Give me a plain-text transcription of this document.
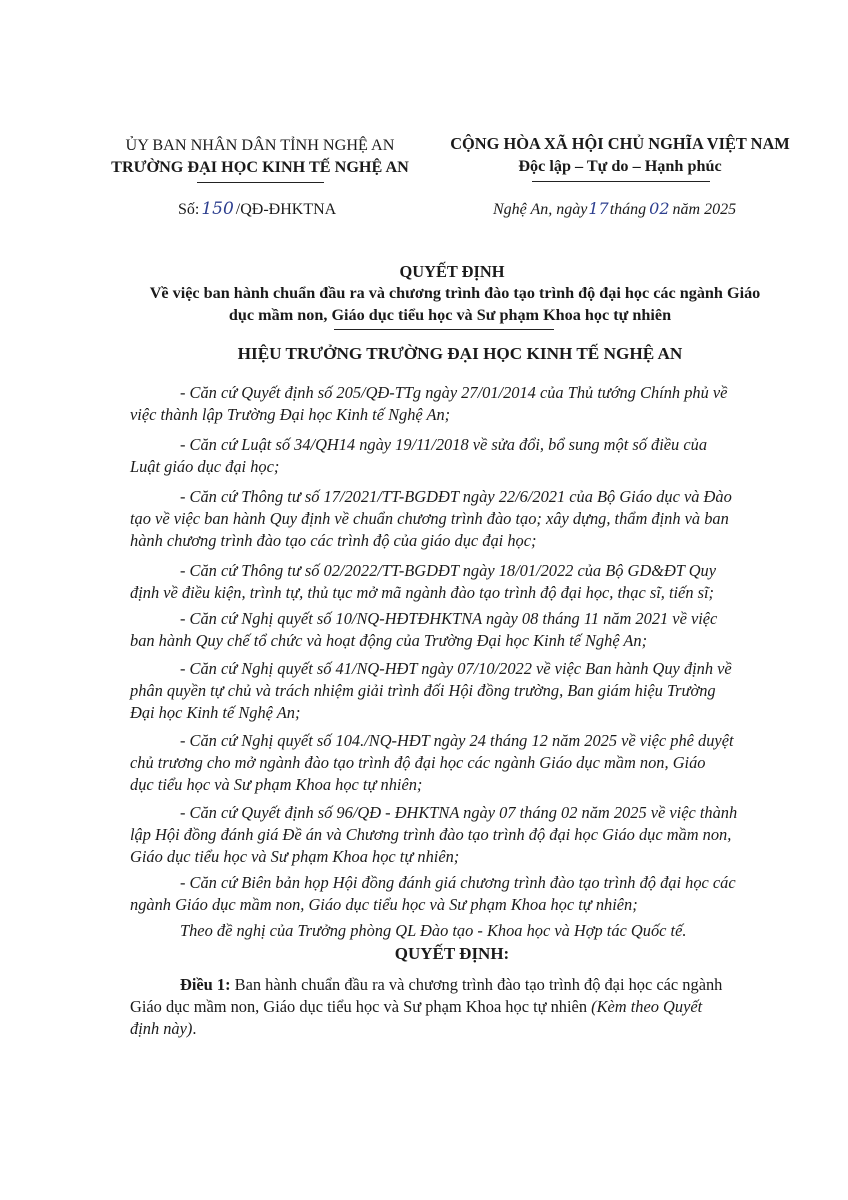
ỦY BAN NHÂN DÂN TỈNH NGHỆ AN
TRƯỜNG ĐẠI HỌC KINH TẾ NGHỆ AN
CỘNG HÒA XÃ HỘI CHỦ NGHĨA VIỆT NAM
Độc lập – Tự do – Hạnh phúc
Số: 150 /QĐ-ĐHKTNA	Nghệ An, ngày17tháng 02 năm 2025
QUYẾT ĐỊNH
Về việc ban hành chuẩn đầu ra và chương trình đào tạo trình độ đại học các ngành Giáo
dục mầm non, Giáo dục tiểu học và Sư phạm Khoa học tự nhiên
HIỆU TRƯỞNG TRƯỜNG ĐẠI HỌC KINH TẾ NGHỆ AN
- Căn cứ Quyết định số 205/QĐ-TTg ngày 27/01/2014 của Thủ tướng Chính phủ về
việc thành lập Trường Đại học Kinh tế Nghệ An;
- Căn cứ Luật số 34/QH14 ngày 19/11/2018 về sửa đổi, bổ sung một số điều của
Luật giáo dục đại học;
- Căn cứ Thông tư số 17/2021/TT-BGDĐT ngày 22/6/2021 của Bộ Giáo dục và Đào
tạo về việc ban hành Quy định về chuẩn chương trình đào tạo; xây dựng, thẩm định và ban
hành chương trình đào tạo các trình độ của giáo dục đại học;
- Căn cứ Thông tư số 02/2022/TT-BGDĐT ngày 18/01/2022 của Bộ GD&ĐT Quy
định về điều kiện, trình tự, thủ tục mở mã ngành đào tạo trình độ đại học, thạc sĩ, tiến sĩ;
- Căn cứ Nghị quyết số 10/NQ-HĐTĐHKTNA ngày 08 tháng 11 năm 2021 về việc
ban hành Quy chế tổ chức và hoạt động của Trường Đại học Kinh tế Nghệ An;
- Căn cứ Nghị quyết số 41/NQ-HĐT ngày 07/10/2022 về việc Ban hành Quy định về
phân quyền tự chủ và trách nhiệm giải trình đối Hội đồng trường, Ban giám hiệu Trường
Đại học Kinh tế Nghệ An;
- Căn cứ Nghị quyết số 104./NQ-HĐT ngày 24 tháng 12 năm 2025 về việc phê duyệt
chủ trương cho mở ngành đào tạo trình độ đại học các ngành Giáo dục mầm non, Giáo
dục tiểu học và Sư phạm Khoa học tự nhiên;
- Căn cứ Quyết định số 96/QĐ - ĐHKTNA ngày 07 tháng 02 năm 2025 về việc thành
lập Hội đồng đánh giá Đề án và Chương trình đào tạo trình độ đại học Giáo dục mầm non,
Giáo dục tiểu học và Sư phạm Khoa học tự nhiên;
- Căn cứ Biên bản họp Hội đồng đánh giá chương trình đào tạo trình độ đại học các
ngành Giáo dục mầm non, Giáo dục tiểu học và Sư phạm Khoa học tự nhiên;
Theo đề nghị của Trưởng phòng QL Đào tạo - Khoa học và Hợp tác Quốc tế.
QUYẾT ĐỊNH:
Điều 1: Ban hành chuẩn đầu ra và chương trình đào tạo trình độ đại học các ngành
Giáo dục mầm non, Giáo dục tiểu học và Sư phạm Khoa học tự nhiên (Kèm theo Quyết
định này).
